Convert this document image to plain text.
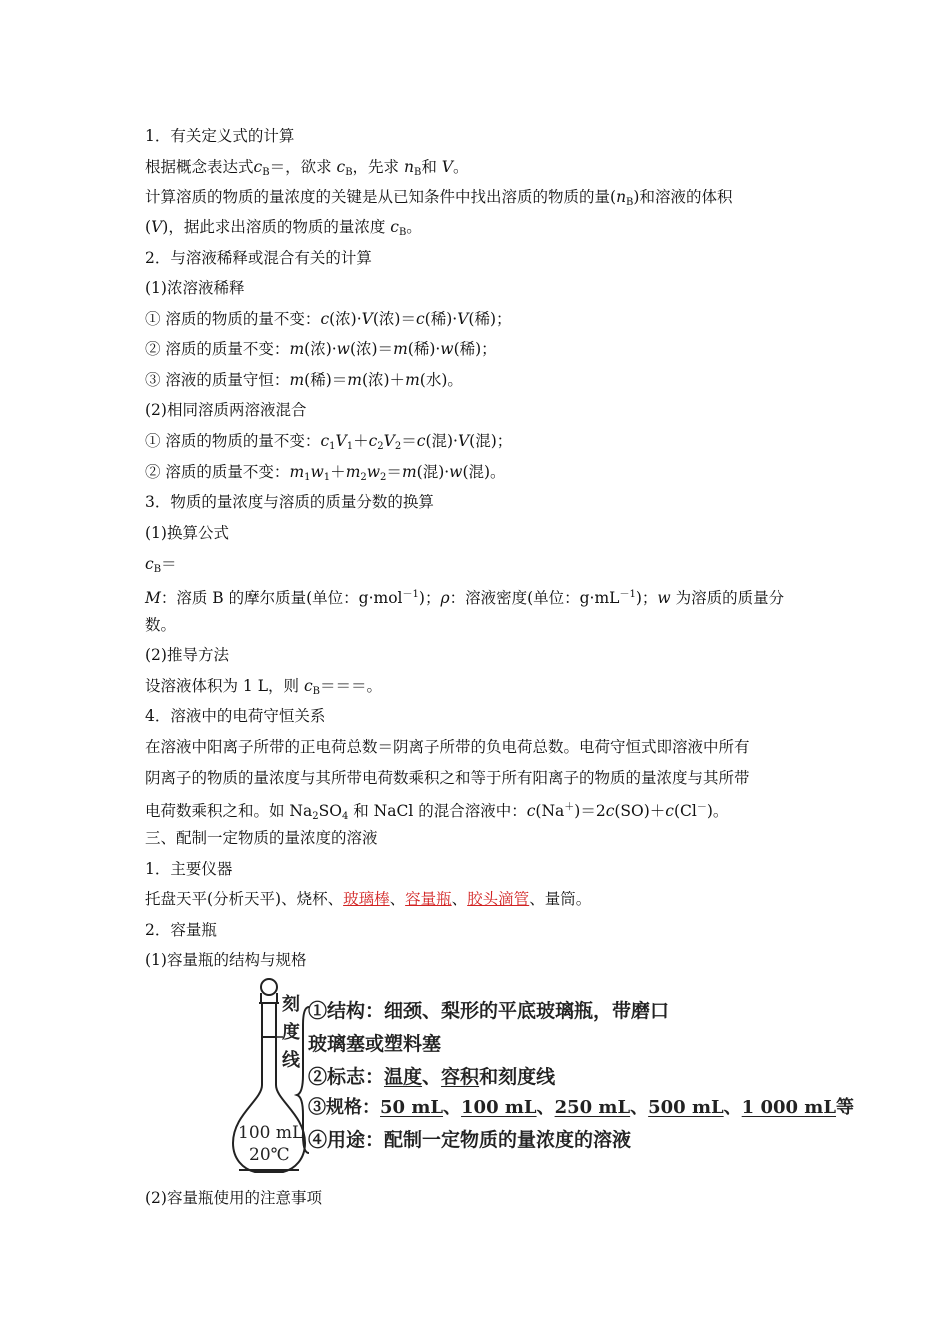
1．有关定义式的计算
根据概念表达式$c_B=$，欲求 $c_B$，先求 $n_B$和 V。
计算溶质的物质的量浓度的关键是从已知条件中找出溶质的物质的量$(n_B)$和溶液的体积
(V)，据此求出溶质的物质的量浓度 $c_B$。
2．与溶液稀释或混合有关的计算
(1)浓溶液稀释
① 溶质的物质的量不变：c(浓)·V(浓)＝c(稀)·V(稀)；
② 溶质的质量不变：m(浓)·w(浓)＝m(稀)·w(稀)；
③ 溶液的质量守恒：m(稀)＝m(浓)＋m(水)。
(2)相同溶质两溶液混合
① 溶质的物质的量不变：$c_1V_1+c_2V_2=c$(混)·V(混)；
② 溶质的质量不变：$m_1w_1+m_2w_2=m$(混)·w(混)。
3．物质的量浓度与溶质的质量分数的换算
(1)换算公式
$c_B=$
M：溶质 B 的摩尔质量(单位：g·mol$^{-1}$)；ρ：溶液密度(单位：$g\cdot mL^{-1}$)；w 为溶质的质量分
数。
(2)推导方法
设溶液体积为 1 L，则 $c_B===$。
4．溶液中的电荷守恒关系
在溶液中阳离子所带的正电荷总数＝阴离子所带的负电荷总数。电荷守恒式即溶液中所有
阴离子的物质的量浓度与其所带电荷数乘积之和等于所有阳离子的物质的量浓度与其所带
电荷数乘积之和。如 $Na_2SO_4$ 和 NaCl 的混合溶液中：c(Na＋)＝2c(SO)＋c(Cl－)。
三、配制一定物质的量浓度的溶液
1．主要仪器
托盘天平(分析天平)、烧杯、玻璃棒、容量瓶、胶头滴管、量筒。
2．容量瓶
(1)容量瓶的结构与规格
刻
度
线
100 mL
20℃
①结构：细颈、梨形的平底玻璃瓶，带磨口
玻璃塞或塑料塞
②标志：温度、容积和刻度线
③规格：50 mL、100 mL、250 mL、500 mL、1 000 mL等
④用途：配制一定物质的量浓度的溶液
(2)容量瓶使用的注意事项
